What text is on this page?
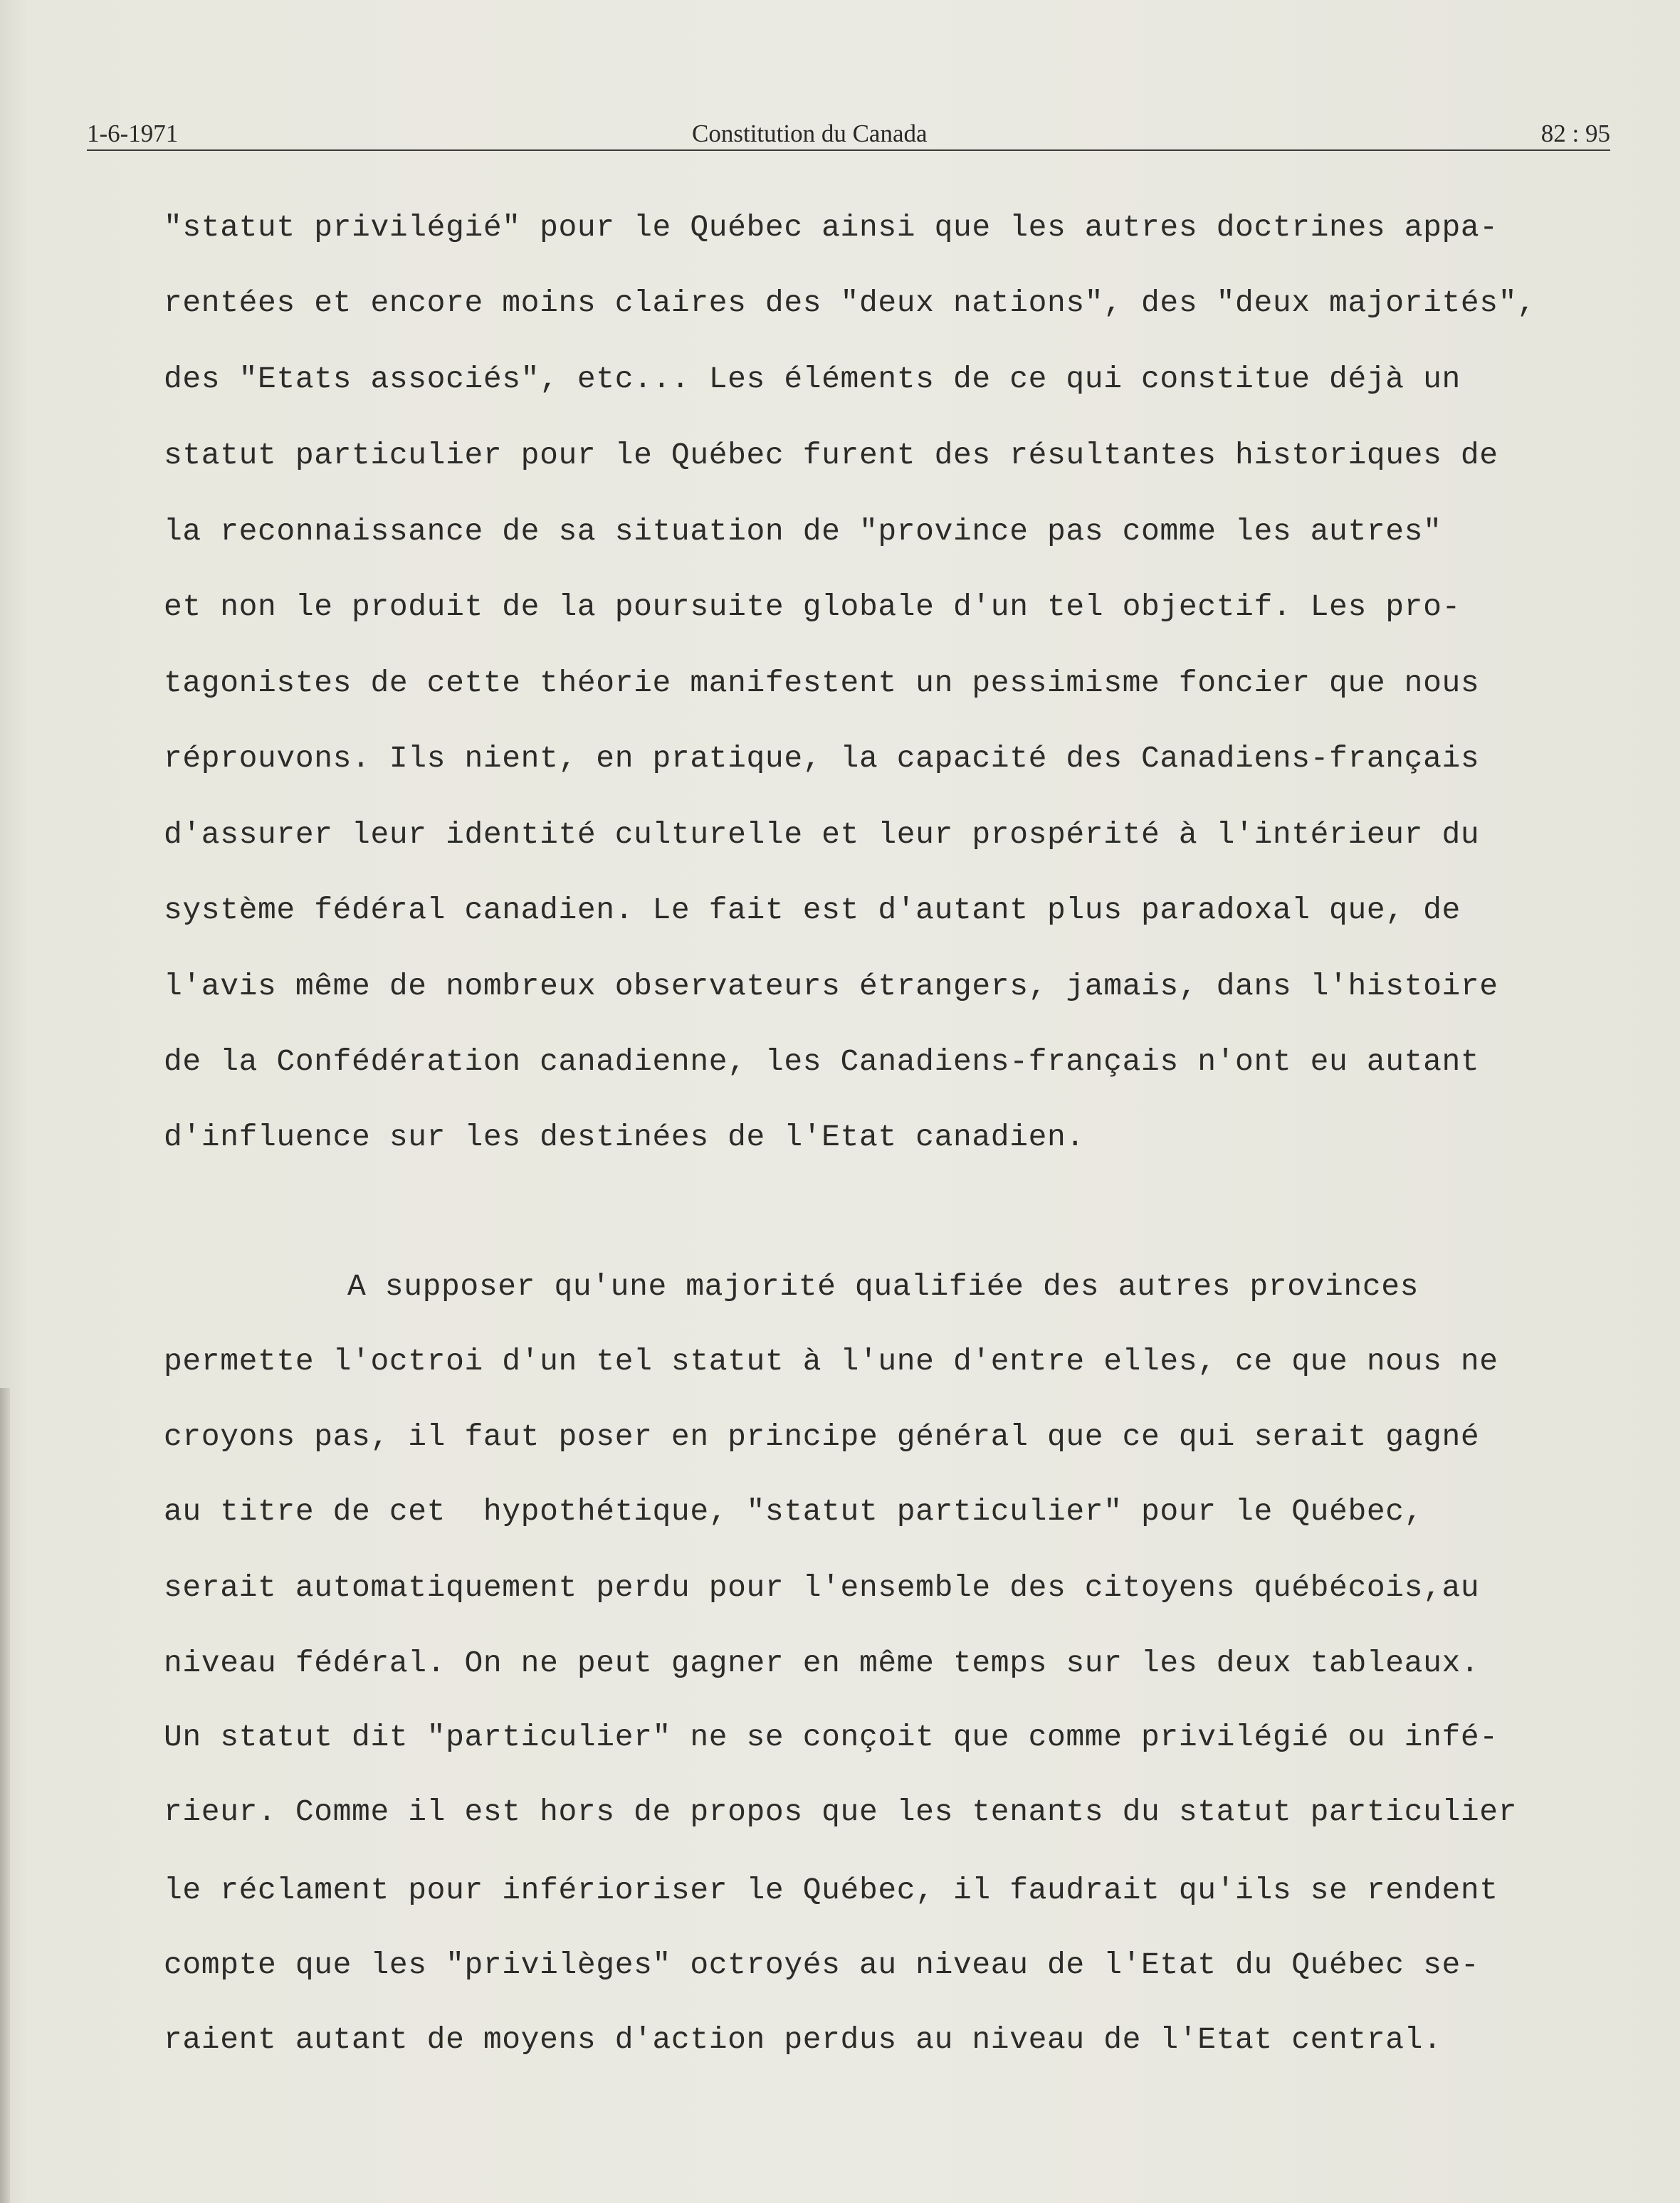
1-6-1971	Constitution du Canada	82 : 95
"statut privilégié" pour le Québec ainsi que les autres doctrines appa-
rentées et encore moins claires des "deux nations", des "deux majorités",
des "Etats associés", etc... Les éléments de ce qui constitue déjà un
statut particulier pour le Québec furent des résultantes historiques de
la reconnaissance de sa situation de "province pas comme les autres"
et non le produit de la poursuite globale d'un tel objectif. Les pro-
tagonistes de cette théorie manifestent un pessimisme foncier que nous
réprouvons. Ils nient, en pratique, la capacité des Canadiens-français
d'assurer leur identité culturelle et leur prospérité à l'intérieur du
système fédéral canadien. Le fait est d'autant plus paradoxal que, de
l'avis même de nombreux observateurs étrangers, jamais, dans l'histoire
de la Confédération canadienne, les Canadiens-français n'ont eu autant
d'influence sur les destinées de l'Etat canadien.
A supposer qu'une majorité qualifiée des autres provinces
permette l'octroi d'un tel statut à l'une d'entre elles, ce que nous ne
croyons pas, il faut poser en principe général que ce qui serait gagné
au titre de cet  hypothétique, "statut particulier" pour le Québec,
serait automatiquement perdu pour l'ensemble des citoyens québécois,au
niveau fédéral. On ne peut gagner en même temps sur les deux tableaux.
Un statut dit "particulier" ne se conçoit que comme privilégié ou infé-
rieur. Comme il est hors de propos que les tenants du statut particulier
le réclament pour inférioriser le Québec, il faudrait qu'ils se rendent
compte que les "privilèges" octroyés au niveau de l'Etat du Québec se-
raient autant de moyens d'action perdus au niveau de l'Etat central.
